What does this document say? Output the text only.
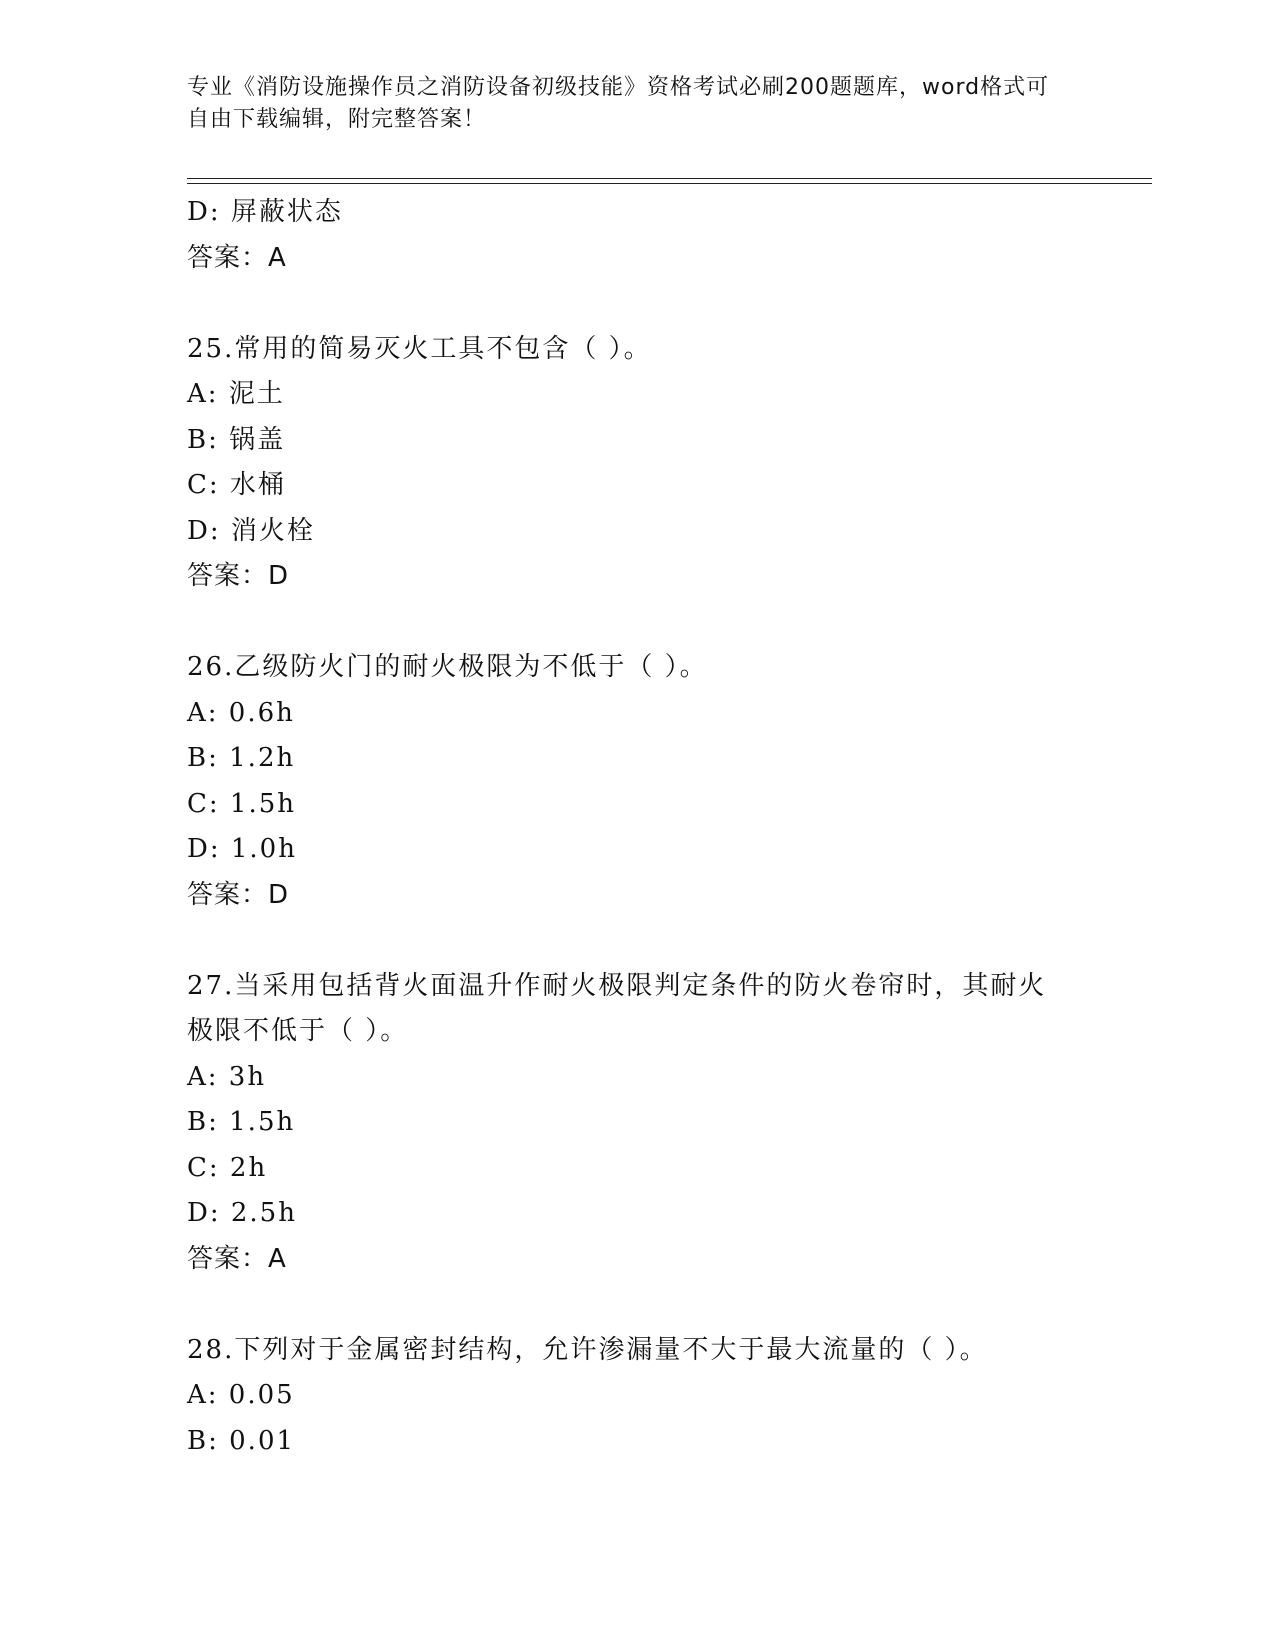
专业《消防设施操作员之消防设备初级技能》资格考试必刷200题题库，word格式可自由下载编辑，附完整答案！
D: 屏蔽状态
答案：A
25.常用的简易灭火工具不包含（ ）。
A: 泥土
B: 锅盖
C: 水桶
D: 消火栓
答案：D
26.乙级防火门的耐火极限为不低于（ ）。
A: 0.6h
B: 1.2h
C: 1.5h
D: 1.0h
答案：D
27.当采用包括背火面温升作耐火极限判定条件的防火卷帘时，其耐火
极限不低于（ ）。
A: 3h
B: 1.5h
C: 2h
D: 2.5h
答案：A
28.下列对于金属密封结构，允许渗漏量不大于最大流量的（ ）。
A: 0.05
B: 0.01
